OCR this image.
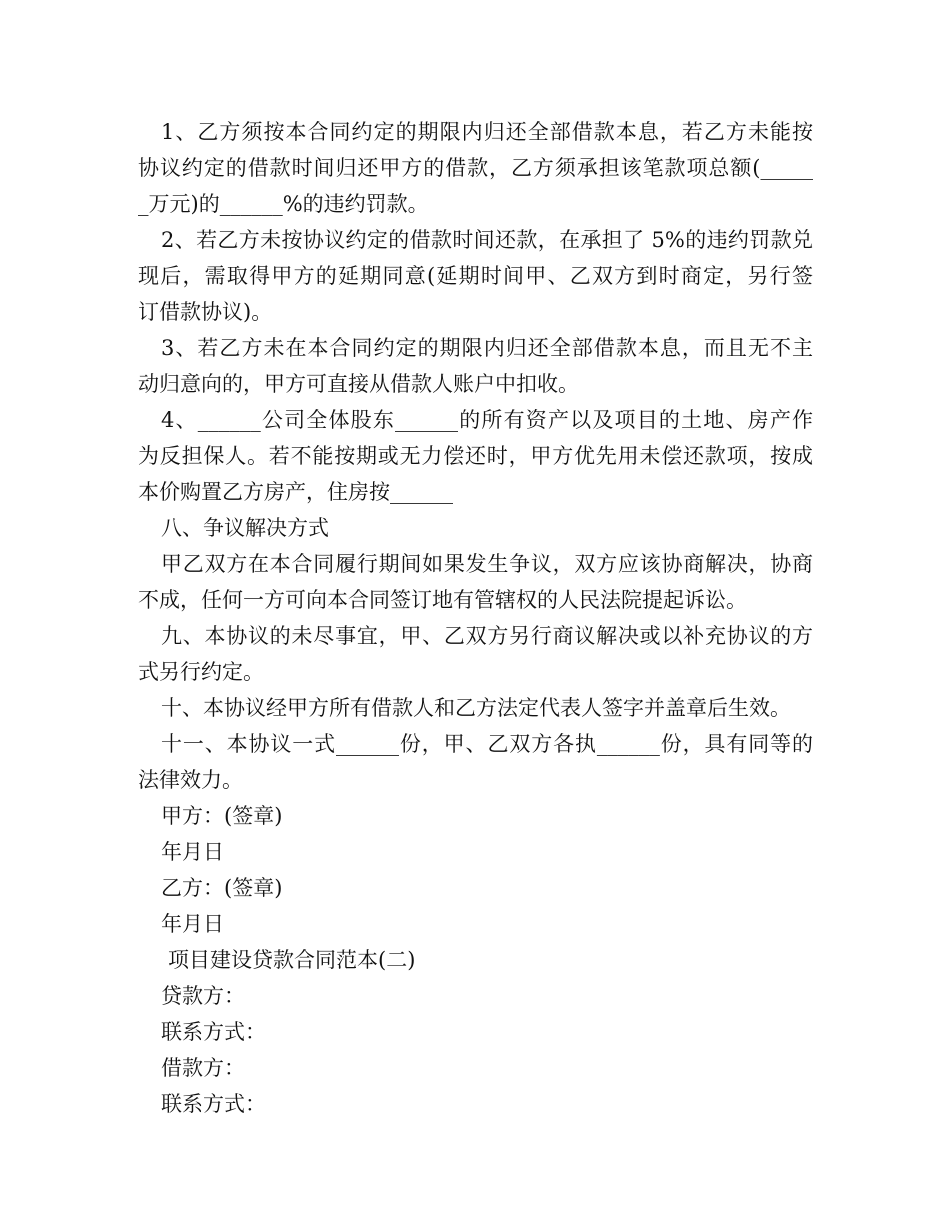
1、乙方须按本合同约定的期限内归还全部借款本息，若乙方未能按
协议约定的借款时间归还甲方的借款，乙方须承担该笔款项总额(_____
_万元)的______%的违约罚款。
2、若乙方未按协议约定的借款时间还款，在承担了 5%的违约罚款兑
现后，需取得甲方的延期同意(延期时间甲、乙双方到时商定，另行签
订借款协议)。
3、若乙方未在本合同约定的期限内归还全部借款本息，而且无不主
动归意向的，甲方可直接从借款人账户中扣收。
4、______公司全体股东______的所有资产以及项目的土地、房产作
为反担保人。若不能按期或无力偿还时，甲方优先用未偿还款项，按成
本价购置乙方房产，住房按______
八、争议解决方式
甲乙双方在本合同履行期间如果发生争议，双方应该协商解决，协商
不成，任何一方可向本合同签订地有管辖权的人民法院提起诉讼。
九、本协议的未尽事宜，甲、乙双方另行商议解决或以补充协议的方
式另行约定。
十、本协议经甲方所有借款人和乙方法定代表人签字并盖章后生效。
十一、本协议一式______份，甲、乙双方各执______份，具有同等的
法律效力。
甲方：(签章)
年月日
乙方：(签章)
年月日
项目建设贷款合同范本(二)
贷款方：
联系方式：
借款方：
联系方式：
